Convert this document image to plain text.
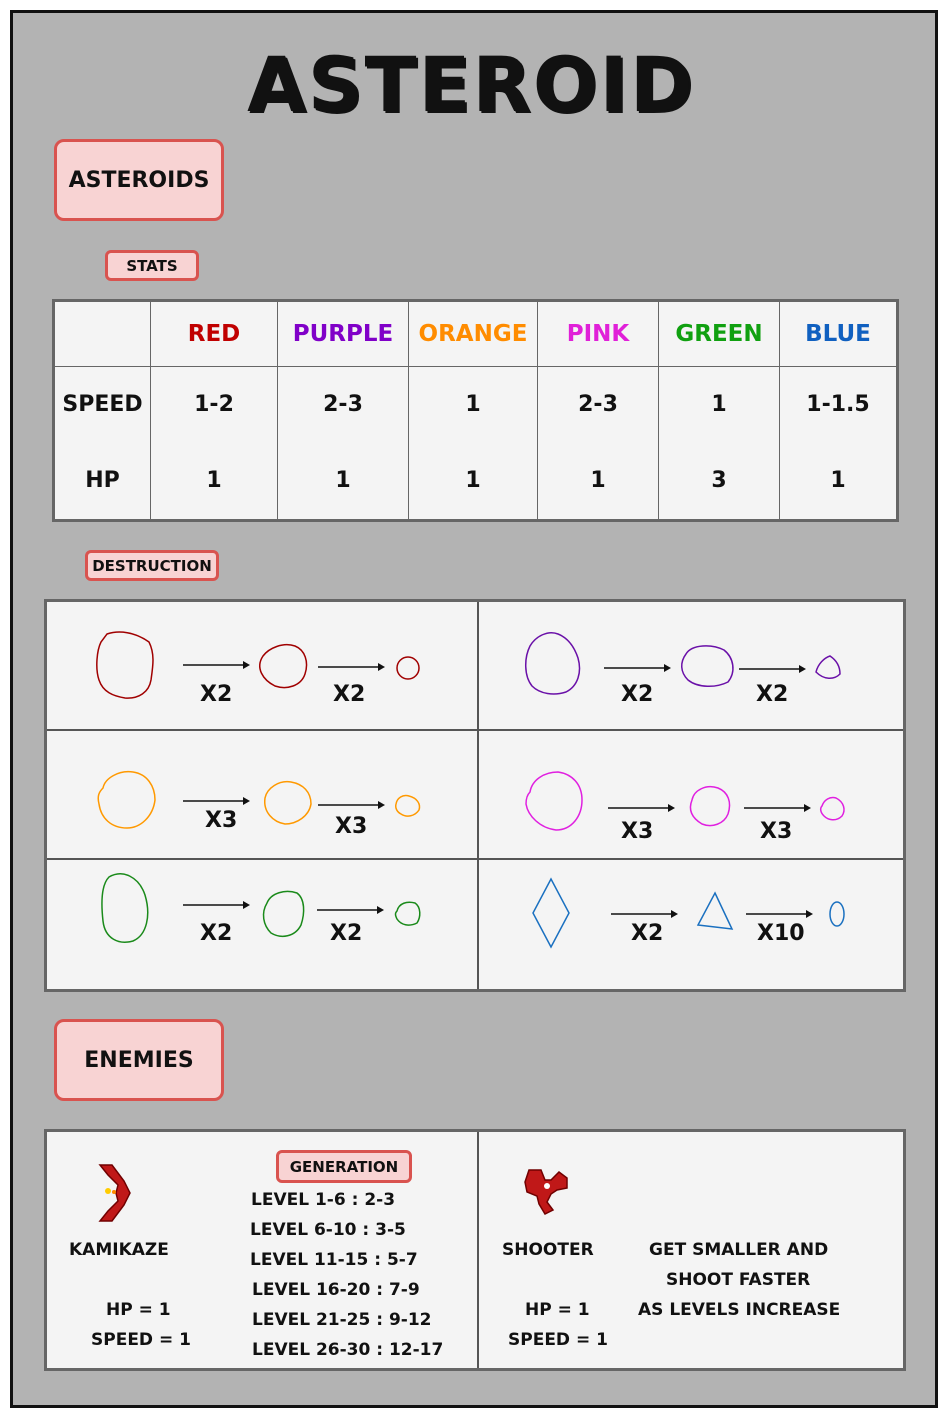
ASTEROID
ASTEROIDS
STATS
	RED	PURPLE	ORANGE	PINK	GREEN	BLUE
SPEED	1-2	2-3	1	2-3	1	1-1.5
HP	1	1	1	1	3	1
DESTRUCTION
X2	X2	X2	X2
X3	X3	X3	X3
X2	X2	X2	X10
ENEMIES
KAMIKAZE
HP = 1
SPEED = 1
GENERATION
LEVEL 1-6 : 2-3
LEVEL 6-10 : 3-5
LEVEL 11-15 : 5-7
LEVEL 16-20 : 7-9
LEVEL 21-25 : 9-12
LEVEL 26-30 : 12-17
SHOOTER
HP = 1
SPEED = 1
GET SMALLER AND
SHOOT FASTER
AS LEVELS INCREASE
